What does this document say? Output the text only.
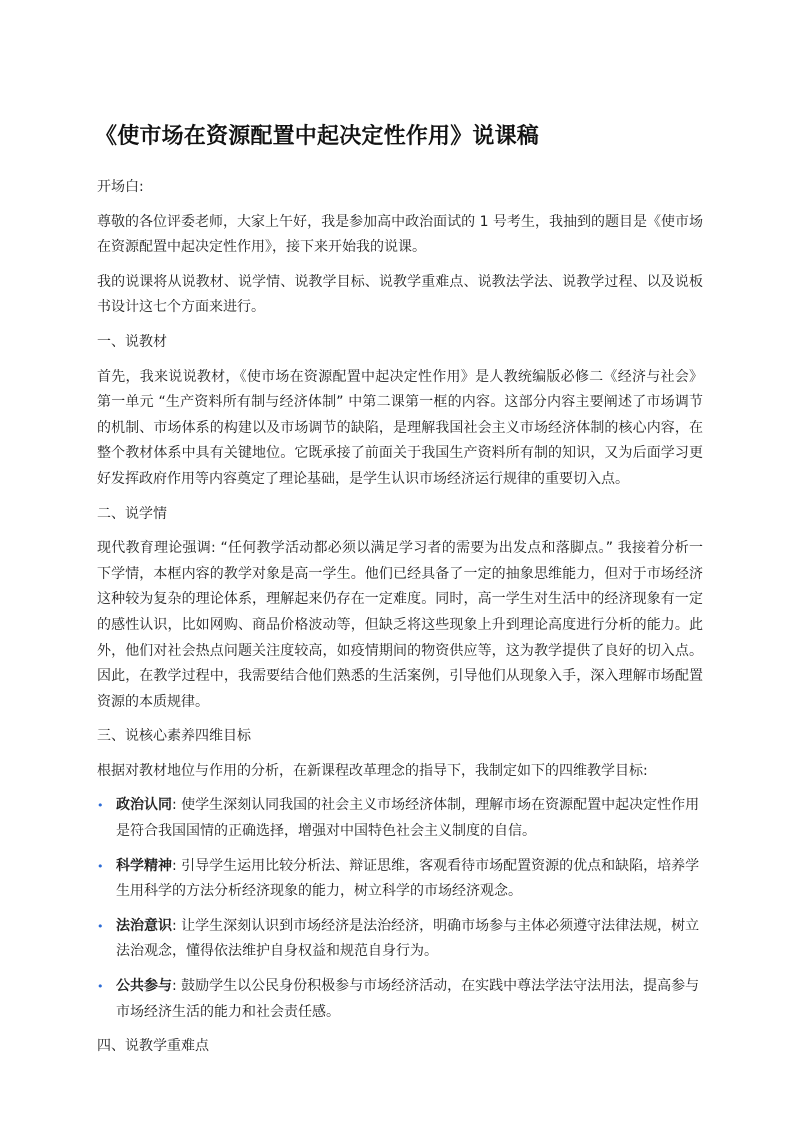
《使市场在资源配置中起决定性作用》说课稿

开场白:

尊敬的各位评委老师，大家上午好，我是参加高中政治面试的 1 号考生，我抽到的题目是《使市场在资源配置中起决定性作用》，接下来开始我的说课。

我的说课将从说教材、说学情、说教学目标、说教学重难点、说教法学法、说教学过程、以及说板书设计这七个方面来进行。

一、说教材

首先，我来说说教材，《使市场在资源配置中起决定性作用》是人教统编版必修二《经济与社会》第一单元 “生产资料所有制与经济体制” 中第二课第一框的内容。这部分内容主要阐述了市场调节的机制、市场体系的构建以及市场调节的缺陷，是理解我国社会主义市场经济体制的核心内容，在整个教材体系中具有关键地位。它既承接了前面关于我国生产资料所有制的知识，又为后面学习更好发挥政府作用等内容奠定了理论基础，是学生认识市场经济运行规律的重要切入点。

二、说学情

现代教育理论强调: “任何教学活动都必须以满足学习者的需要为出发点和落脚点。” 我接着分析一下学情，本框内容的教学对象是高一学生。他们已经具备了一定的抽象思维能力，但对于市场经济这种较为复杂的理论体系，理解起来仍存在一定难度。同时，高一学生对生活中的经济现象有一定的感性认识，比如网购、商品价格波动等，但缺乏将这些现象上升到理论高度进行分析的能力。此外，他们对社会热点问题关注度较高，如疫情期间的物资供应等，这为教学提供了良好的切入点。因此，在教学过程中，我需要结合他们熟悉的生活案例，引导他们从现象入手，深入理解市场配置资源的本质规律。

三、说核心素养四维目标

根据对教材地位与作用的分析，在新课程改革理念的指导下，我制定如下的四维教学目标:

• 政治认同: 使学生深刻认同我国的社会主义市场经济体制，理解市场在资源配置中起决定性作用是符合我国国情的正确选择，增强对中国特色社会主义制度的自信。
• 科学精神: 引导学生运用比较分析法、辩证思维，客观看待市场配置资源的优点和缺陷，培养学生用科学的方法分析经济现象的能力，树立科学的市场经济观念。
• 法治意识: 让学生深刻认识到市场经济是法治经济，明确市场参与主体必须遵守法律法规，树立法治观念，懂得依法维护自身权益和规范自身行为。
• 公共参与: 鼓励学生以公民身份积极参与市场经济活动，在实践中尊法学法守法用法，提高参与市场经济生活的能力和社会责任感。
四、说教学重难点
